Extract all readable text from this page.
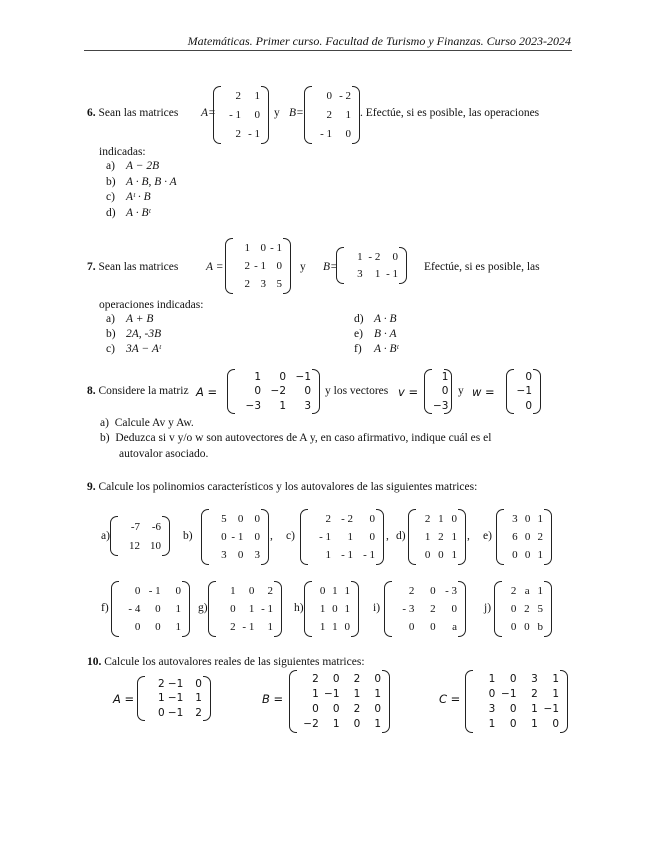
Matemáticas. Primer curso. Facultad de Turismo y Finanzas. Curso 2023-2024
6. Sean las matrices A=
2 1
- 1 0
2 - 1
y B=
0 - 2
2 1
- 1 0
. Efectúe, si es posible, las operaciones
indicadas:
a) A − 2B
b) A · B, B · A
c) Aᵗ · B
d) A · Bᵗ
7. Sean las matrices A =
1 0 - 1
2 - 1 0
2 3 5
y B=
1 - 2 0
3 1 - 1
Efectúe, si es posible, las
operaciones indicadas:
a) A + B
b) 2A, -3B
c) 3A − Aᵗ
d) A · B
e) B · A
f) A · Bᵗ
8. Considere la matriz A =
1 0 −1
0 −2 0
−3 1 3
y los vectores v =
1
0
−3
y w =
0
−1
0
a) Calcule Av y Aw.
b) Deduzca si v y/o w son autovectores de A y, en caso afirmativo, indique cuál es el
autovalor asociado.
9. Calcule los polinomios característicos y los autovalores de las siguientes matrices:
a)
-7 -6
12 10
b)
5 0 0
0 - 1 0
3 0 3
, c)
2 - 2 0
- 1 1 0
1 - 1 - 1
, d)
2 1 0
1 2 1
0 0 1
, e)
3 0 1
6 0 2
0 0 1
f)
0 - 1 0
- 4 0 1
0 0 1
g)
1 0 2
0 1 - 1
2 - 1 1
h)
0 1 1
1 0 1
1 1 0
i)
2 0 - 3
- 3 2 0
0 0 a
j)
2 a 1
0 2 5
0 0 b
10. Calcule los autovalores reales de las siguientes matrices:
A =
2 −1 0
1 −1 1
0 −1 2
B =
2 0 2 0
1 −1 1 1
0 0 2 0
−2 1 0 1
C =
1 0 3 1
0 −1 2 1
3 0 1 −1
1 0 1 0
